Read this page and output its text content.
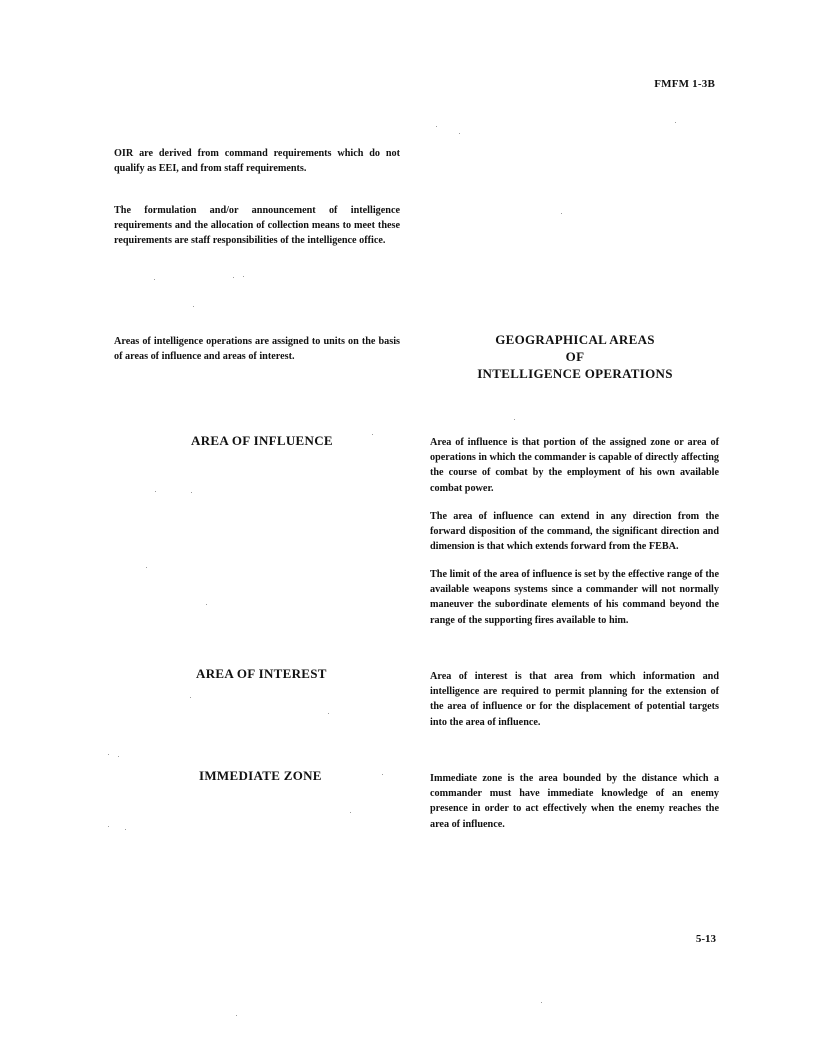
FMFM 1-3B
OIR are derived from command requirements which do not qualify as EEI, and from staff requirements.
The formulation and/or announcement of intelligence requirements and the allocation of collection means to meet these requirements are staff responsibilities of the intelligence office.
Areas of intelligence operations are assigned to units on the basis of areas of influence and areas of interest.
GEOGRAPHICAL AREAS
OF
INTELLIGENCE OPERATIONS
AREA OF INFLUENCE	Area of influence is that portion of the assigned zone or area of operations in which the commander is capable of directly affecting the course of combat by the employment of his own available combat power.
The area of influence can extend in any direction from the forward disposition of the command, the significant direction and dimension is that which extends forward from the FEBA.
The limit of the area of influence is set by the effective range of the available weapons systems since a commander will not normally maneuver the subordinate elements of his command beyond the range of the supporting fires available to him.
AREA OF INTEREST	Area of interest is that area from which information and intelligence are required to permit planning for the extension of the area of influence or for the displacement of potential targets into the area of influence.
IMMEDIATE ZONE	Immediate zone is the area bounded by the distance which a commander must have immediate knowledge of an enemy presence in order to act effectively when the enemy reaches the area of influence.
5-13
